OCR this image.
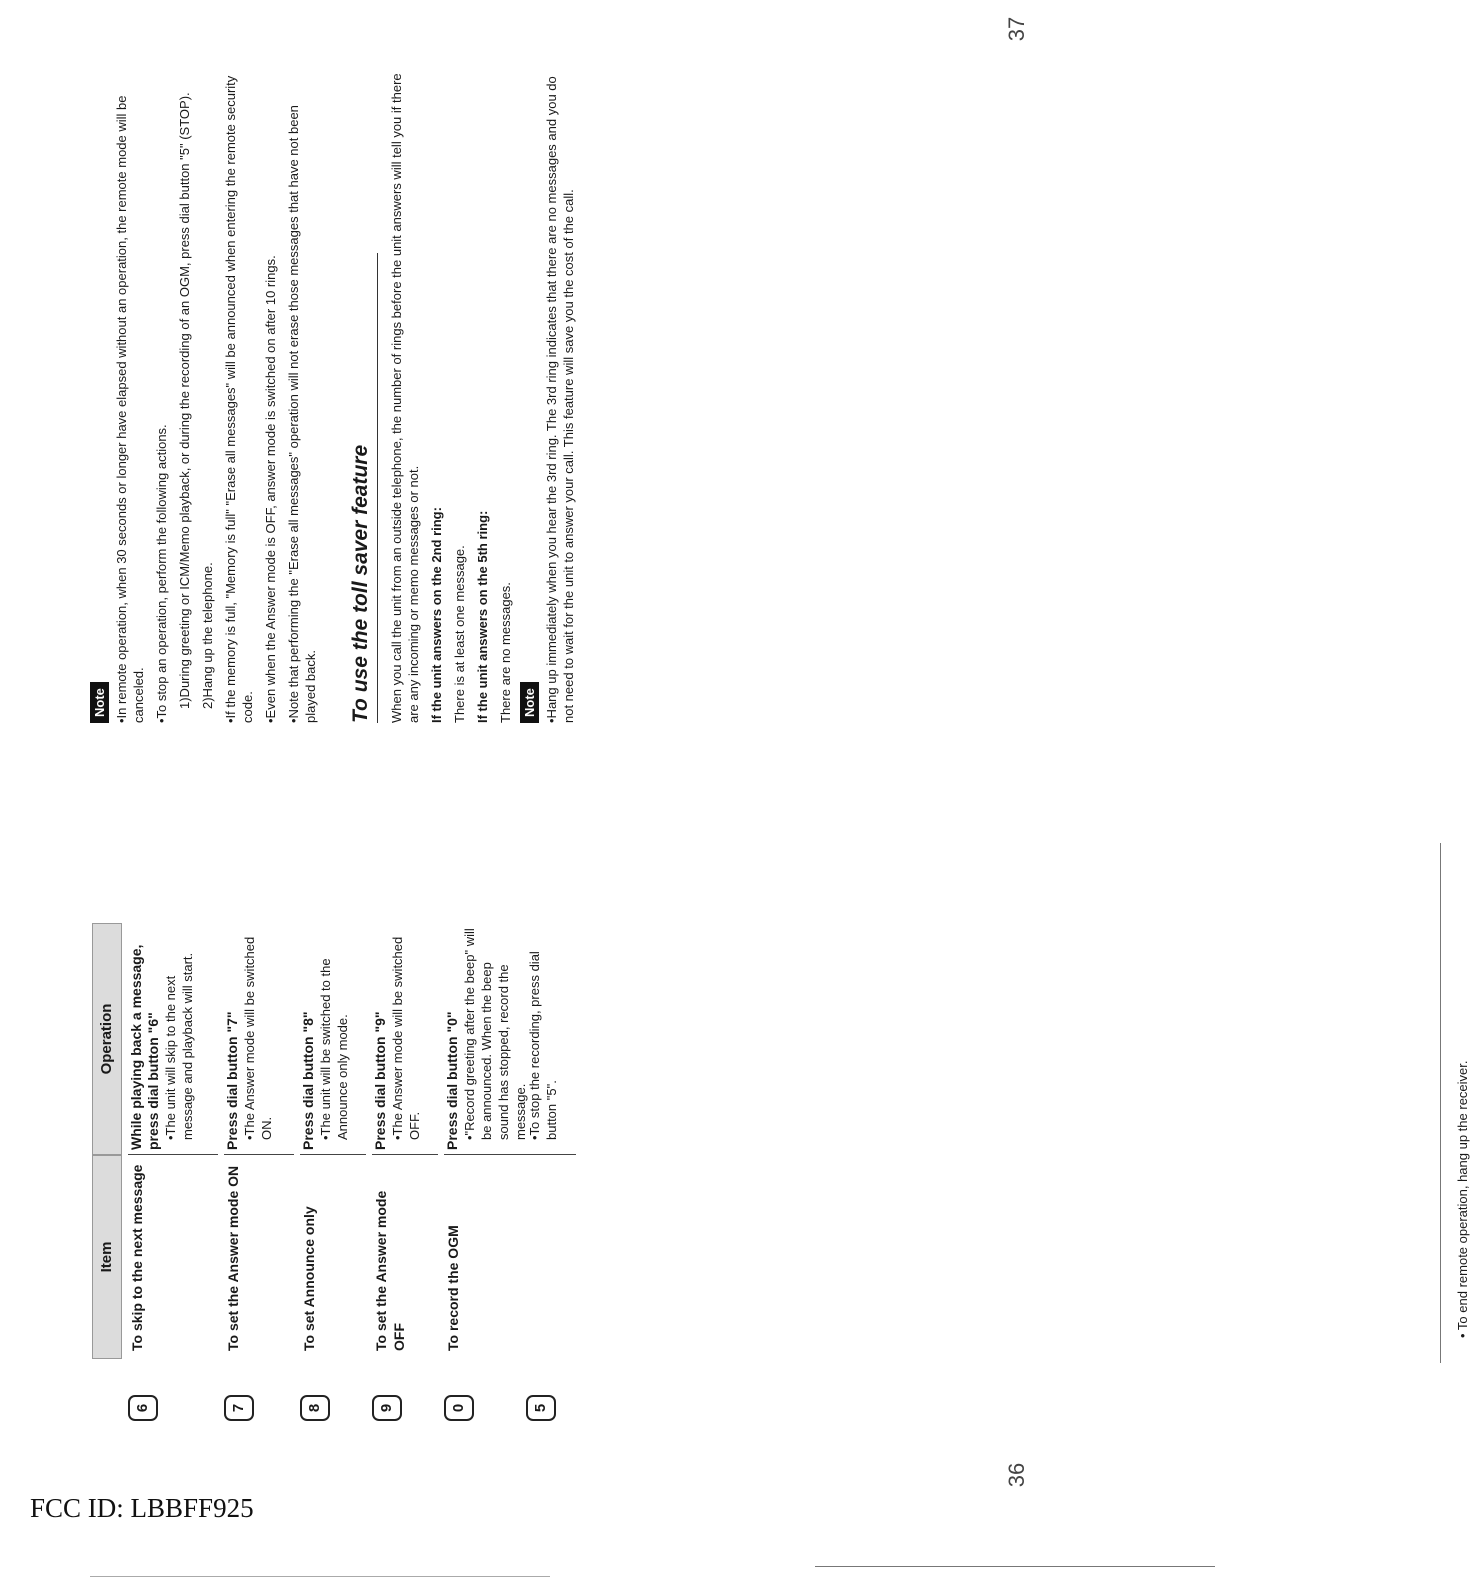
Item
Operation
6
To skip to the next message
While playing back a message, press dial button "6" •The unit will skip to the next message and playback will start.
7
To set the Answer mode ON
Press dial button "7" •The Answer mode will be switched ON.
8
To set Announce only
Press dial button "8" •The unit will be switched to the Announce only mode.
9
To set the Answer mode OFF
Press dial button "9" •The Answer mode will be switched OFF.
0
To record the OGM
Press dial button "0" •"Record greeting after the beep" will be announced. When the beep sound has stopped, record the message.
5
•To stop the recording, press dial button "5".
Note •In remote operation, when 30 seconds or longer have elapsed without an operation, the remote mode will be canceled. •To stop an operation, perform the following actions. 1)During greeting or ICM/Memo playback, or during the recording of an OGM, press dial button "5" (STOP). 2)Hang up the telephone. •If the memory is full, "Memory is full" "Erase all messages" will be announced when entering the remote security code. •Even when the Answer mode is OFF, answer mode is switched on after 10 rings. •Note that performing the "Erase all messages" operation will not erase those messages that have not been played back. To use the toll saver feature When you call the unit from an outside telephone, the number of rings before the unit answers will tell you if there are any incoming or memo messages or not. If the unit answers on the 2nd ring: There is at least one message. If the unit answers on the 5th ring: There are no messages. Note •Hang up immediately when you hear the 3rd ring. The 3rd ring indicates that there are no messages and you do not need to wait for the unit to answer your call. This feature will save you the cost of the call.
• To end remote operation, hang up the receiver.
FCC ID: LBBFF925
36
37
